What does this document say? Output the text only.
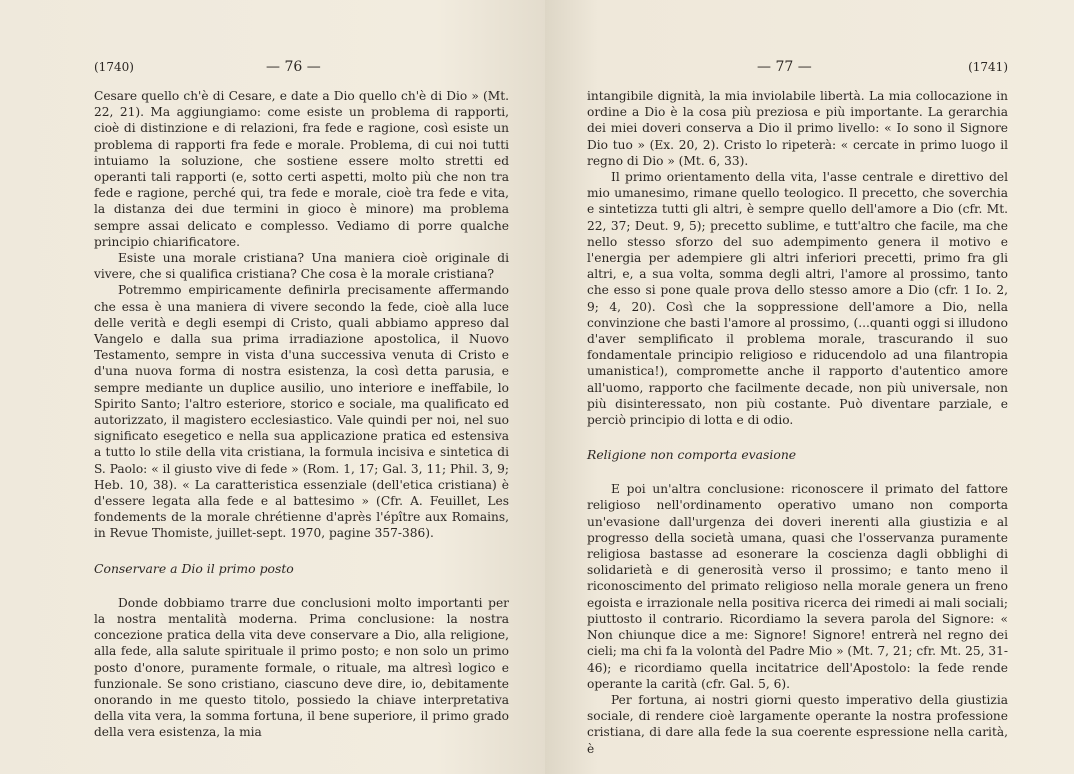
(1740)	— 76 —

Cesare quello ch'è di Cesare, e date a Dio quello ch'è di Dio » (Mt. 22, 21). Ma aggiungiamo: come esiste un problema di rapporti, cioè di distinzione e di relazioni, fra fede e ragione, così esiste un problema di rapporti fra fede e morale. Problema, di cui noi tutti intuiamo la soluzione, che sostiene essere molto stretti ed operanti tali rapporti (e, sotto certi aspetti, molto più che non tra fede e ragione, perché qui, tra fede e morale, cioè tra fede e vita, la distanza dei due termini in gioco è minore) ma problema sempre assai delicato e complesso. Vediamo di porre qualche principio chiarificatore.

Esiste una morale cristiana? Una maniera cioè originale di vivere, che si qualifica cristiana? Che cosa è la morale cristiana?

Potremmo empiricamente definirla precisamente affermando che essa è una maniera di vivere secondo la fede, cioè alla luce delle verità e degli esempi di Cristo, quali abbiamo appreso dal Vangelo e dalla sua prima irradiazione apostolica, il Nuovo Testamento, sempre in vista d'una successiva venuta di Cristo e d'una nuova forma di nostra esistenza, la così detta parusia, e sempre mediante un duplice ausilio, uno interiore e ineffabile, lo Spirito Santo; l'altro esteriore, storico e sociale, ma qualificato ed autorizzato, il magistero ecclesiastico. Vale quindi per noi, nel suo significato esegetico e nella sua applicazione pratica ed estensiva a tutto lo stile della vita cristiana, la formula incisiva e sintetica di S. Paolo: « il giusto vive di fede » (Rom. 1, 17; Gal. 3, 11; Phil. 3, 9; Heb. 10, 38). « La caratteristica essenziale (dell'etica cristiana) è d'essere legata alla fede e al battesimo » (Cfr. A. Feuillet, Les fondements de la morale chrétienne d'après l'épître aux Romains, in Revue Thomiste, juillet-sept. 1970, pagine 357-386).

Conservare a Dio il primo posto

Donde dobbiamo trarre due conclusioni molto importanti per la nostra mentalità moderna. Prima conclusione: la nostra concezione pratica della vita deve conservare a Dio, alla religione, alla fede, alla salute spirituale il primo posto; e non solo un primo posto d'onore, puramente formale, o rituale, ma altresì logico e funzionale. Se sono cristiano, ciascuno deve dire, io, debitamente onorando in me questo titolo, possiedo la chiave interpretativa della vita vera, la somma fortuna, il bene superiore, il primo grado della vera esistenza, la mia

— 77 —	(1741)

intangibile dignità, la mia inviolabile libertà. La mia collocazione in ordine a Dio è la cosa più preziosa e più importante. La gerarchia dei miei doveri conserva a Dio il primo livello: « Io sono il Signore Dio tuo » (Ex. 20, 2). Cristo lo ripeterà: « cercate in primo luogo il regno di Dio » (Mt. 6, 33).

Il primo orientamento della vita, l'asse centrale e direttivo del mio umanesimo, rimane quello teologico. Il precetto, che soverchia e sintetizza tutti gli altri, è sempre quello dell'amore a Dio (cfr. Mt. 22, 37; Deut. 9, 5); precetto sublime, e tutt'altro che facile, ma che nello stesso sforzo del suo adempimento genera il motivo e l'energia per adempiere gli altri inferiori precetti, primo fra gli altri, e, a sua volta, somma degli altri, l'amore al prossimo, tanto che esso si pone quale prova dello stesso amore a Dio (cfr. 1 Io. 2, 9; 4, 20). Così che la soppressione dell'amore a Dio, nella convinzione che basti l'amore al prossimo, (...quanti oggi si illudono d'aver semplificato il problema morale, trascurando il suo fondamentale principio religioso e riducendolo ad una filantropia umanistica!), compromette anche il rapporto d'autentico amore all'uomo, rapporto che facilmente decade, non più universale, non più disinteressato, non più costante. Può diventare parziale, e perciò principio di lotta e di odio.

Religione non comporta evasione

E poi un'altra conclusione: riconoscere il primato del fattore religioso nell'ordinamento operativo umano non comporta un'evasione dall'urgenza dei doveri inerenti alla giustizia e al progresso della società umana, quasi che l'osservanza puramente religiosa bastasse ad esonerare la coscienza dagli obblighi di solidarietà e di generosità verso il prossimo; e tanto meno il riconoscimento del primato religioso nella morale genera un freno egoista e irrazionale nella positiva ricerca dei rimedi ai mali sociali; piuttosto il contrario. Ricordiamo la severa parola del Signore: « Non chiunque dice a me: Signore! Signore! entrerà nel regno dei cieli; ma chi fa la volontà del Padre Mio » (Mt. 7, 21; cfr. Mt. 25, 31-46); e ricordiamo quella incitatrice dell'Apostolo: la fede rende operante la carità (cfr. Gal. 5, 6).

Per fortuna, ai nostri giorni questo imperativo della giustizia sociale, di rendere cioè largamente operante la nostra professione cristiana, di dare alla fede la sua coerente espressione nella carità, è
